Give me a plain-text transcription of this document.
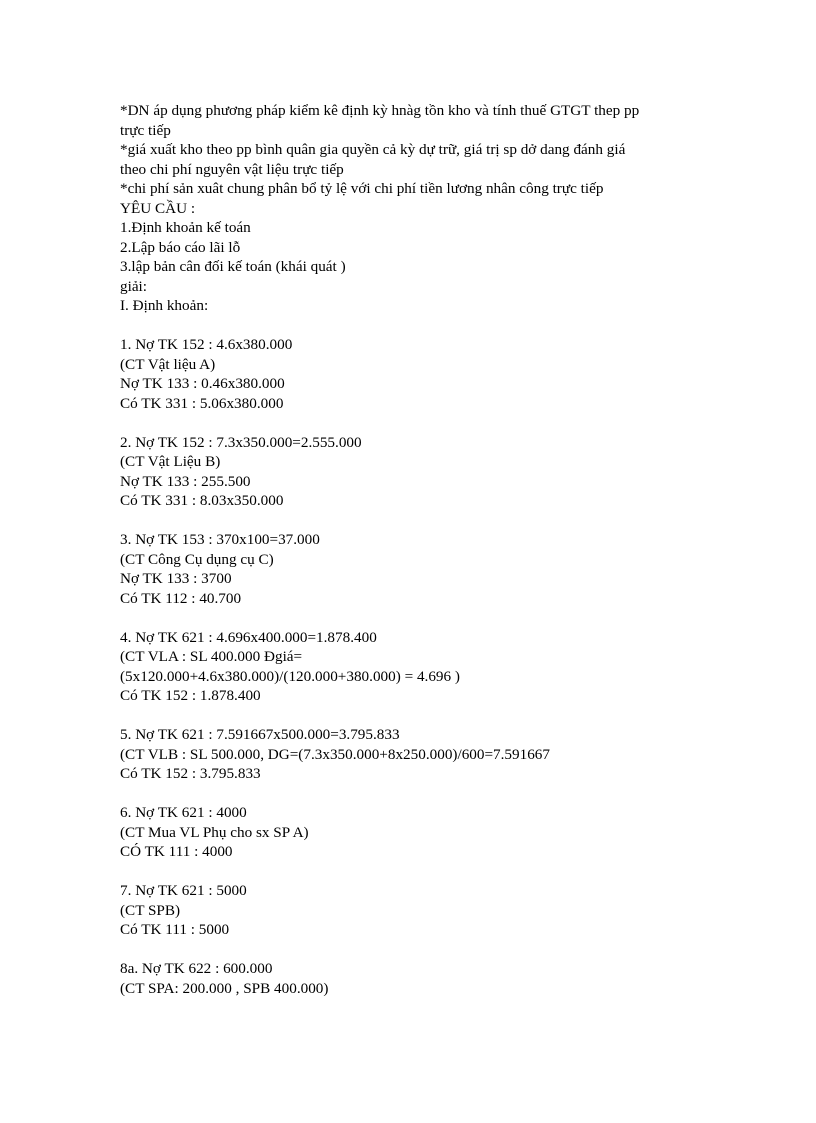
*DN áp dụng phương pháp kiểm kê định kỳ hnàg tồn kho và tính thuế GTGT thep pp
trực tiếp
*giá xuất kho theo pp bình quân gia quyền cả kỳ dự trữ, giá trị sp dở dang đánh giá
theo chi phí nguyên vật liệu trực tiếp
*chi phí sản xuât chung phân bổ tỷ lệ với chi phí tiền lương nhân công trực tiếp
YÊU CẦU :
1.Định khoản kế toán
2.Lập báo cáo lãi lỗ
3.lập bản cân đối kế toán (khái quát )
giải:
I. Định khoản:
1. Nợ TK 152 : 4.6x380.000
(CT Vật liệu A)
Nợ TK 133 : 0.46x380.000
Có TK 331 : 5.06x380.000
2. Nợ TK 152 : 7.3x350.000=2.555.000
(CT Vật Liệu B)
Nợ TK 133 : 255.500
Có TK 331 : 8.03x350.000
3. Nợ TK 153 : 370x100=37.000
(CT Công Cụ dụng cụ C)
Nợ TK 133 : 3700
Có TK 112 : 40.700
4. Nợ TK 621 : 4.696x400.000=1.878.400
(CT VLA : SL 400.000 Đgiá=
(5x120.000+4.6x380.000)/(120.000+380.000) = 4.696 )
Có TK 152 : 1.878.400
5. Nợ TK 621 : 7.591667x500.000=3.795.833
(CT VLB : SL 500.000, DG=(7.3x350.000+8x250.000)/600=7.591667
Có TK 152 : 3.795.833
6. Nợ TK 621 : 4000
(CT Mua VL Phụ cho sx SP A)
CÓ TK 111 : 4000
7. Nợ TK 621 : 5000
(CT SPB)
Có TK 111 : 5000
8a. Nợ TK 622 : 600.000
(CT SPA: 200.000 , SPB 400.000)
